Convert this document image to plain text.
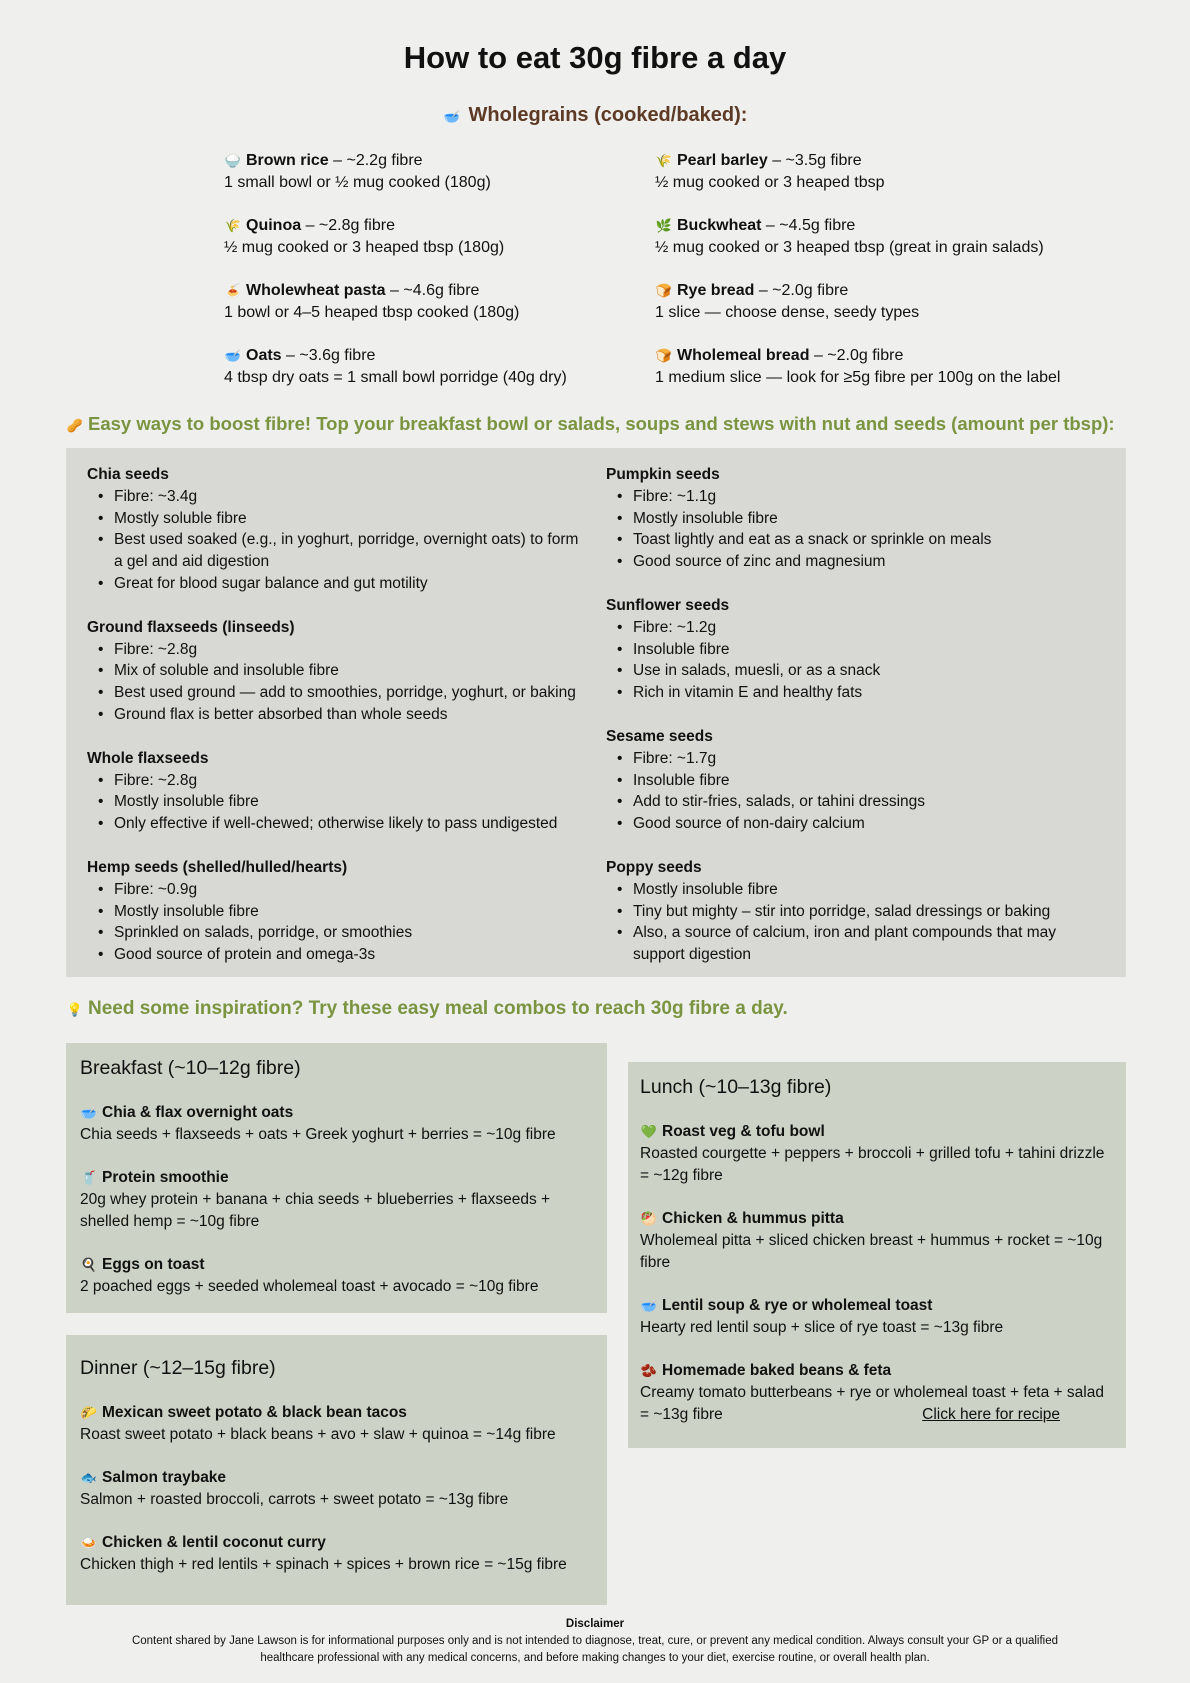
How to eat 30g fibre a day
🥣 Wholegrains (cooked/baked):
🍚 Brown rice – ~2.2g fibre
1 small bowl or ½ mug cooked (180g)
🌾 Quinoa – ~2.8g fibre
½ mug cooked or 3 heaped tbsp (180g)
🍝 Wholewheat pasta – ~4.6g fibre
1 bowl or 4–5 heaped tbsp cooked (180g)
🥣 Oats – ~3.6g fibre
4 tbsp dry oats = 1 small bowl porridge (40g dry)
🌾 Pearl barley – ~3.5g fibre
½ mug cooked or 3 heaped tbsp
🌿 Buckwheat – ~4.5g fibre
½ mug cooked or 3 heaped tbsp (great in grain salads)
🍞 Rye bread – ~2.0g fibre
1 slice — choose dense, seedy types
🍞 Wholemeal bread – ~2.0g fibre
1 medium slice — look for ≥5g fibre per 100g on the label
🥜 Easy ways to boost fibre! Top your breakfast bowl or salads, soups and stews with nut and seeds (amount per tbsp):
Chia seeds
• Fibre: ~3.4g
• Mostly soluble fibre
• Best used soaked (e.g., in yoghurt, porridge, overnight oats) to form a gel and aid digestion
• Great for blood sugar balance and gut motility
Ground flaxseeds (linseeds)
• Fibre: ~2.8g
• Mix of soluble and insoluble fibre
• Best used ground — add to smoothies, porridge, yoghurt, or baking
• Ground flax is better absorbed than whole seeds
Whole flaxseeds
• Fibre: ~2.8g
• Mostly insoluble fibre
• Only effective if well-chewed; otherwise likely to pass undigested
Hemp seeds (shelled/hulled/hearts)
• Fibre: ~0.9g
• Mostly insoluble fibre
• Sprinkled on salads, porridge, or smoothies
• Good source of protein and omega-3s
Pumpkin seeds
• Fibre: ~1.1g
• Mostly insoluble fibre
• Toast lightly and eat as a snack or sprinkle on meals
• Good source of zinc and magnesium
Sunflower seeds
• Fibre: ~1.2g
• Insoluble fibre
• Use in salads, muesli, or as a snack
• Rich in vitamin E and healthy fats
Sesame seeds
• Fibre: ~1.7g
• Insoluble fibre
• Add to stir-fries, salads, or tahini dressings
• Good source of non-dairy calcium
Poppy seeds
• Mostly insoluble fibre
• Tiny but mighty – stir into porridge, salad dressings or baking
• Also, a source of calcium, iron and plant compounds that may support digestion
💡 Need some inspiration? Try these easy meal combos to reach 30g fibre a day.
Breakfast (~10–12g fibre)
🥣 Chia & flax overnight oats
Chia seeds + flaxseeds + oats + Greek yoghurt + berries = ~10g fibre
🥤 Protein smoothie
20g whey protein + banana + chia seeds + blueberries + flaxseeds + shelled hemp = ~10g fibre
🍳 Eggs on toast
2 poached eggs + seeded wholemeal toast + avocado = ~10g fibre
Dinner (~12–15g fibre)
🌮 Mexican sweet potato & black bean tacos
Roast sweet potato + black beans + avo + slaw + quinoa = ~14g fibre
🐟 Salmon traybake
Salmon + roasted broccoli, carrots + sweet potato = ~13g fibre
🍛 Chicken & lentil coconut curry
Chicken thigh + red lentils + spinach + spices + brown rice = ~15g fibre
Lunch (~10–13g fibre)
💚 Roast veg & tofu bowl
Roasted courgette + peppers + broccoli + grilled tofu + tahini drizzle = ~12g fibre
🥙 Chicken & hummus pitta
Wholemeal pitta + sliced chicken breast + hummus + rocket = ~10g fibre
🥣 Lentil soup & rye or wholemeal toast
Hearty red lentil soup + slice of rye toast = ~13g fibre
🫘 Homemade baked beans & feta
Creamy tomato butterbeans + rye or wholemeal toast + feta + salad = ~13g fibre	Click here for recipe
Disclaimer
Content shared by Jane Lawson is for informational purposes only and is not intended to diagnose, treat, cure, or prevent any medical condition. Always consult your GP or a qualified healthcare professional with any medical concerns, and before making changes to your diet, exercise routine, or overall health plan.
